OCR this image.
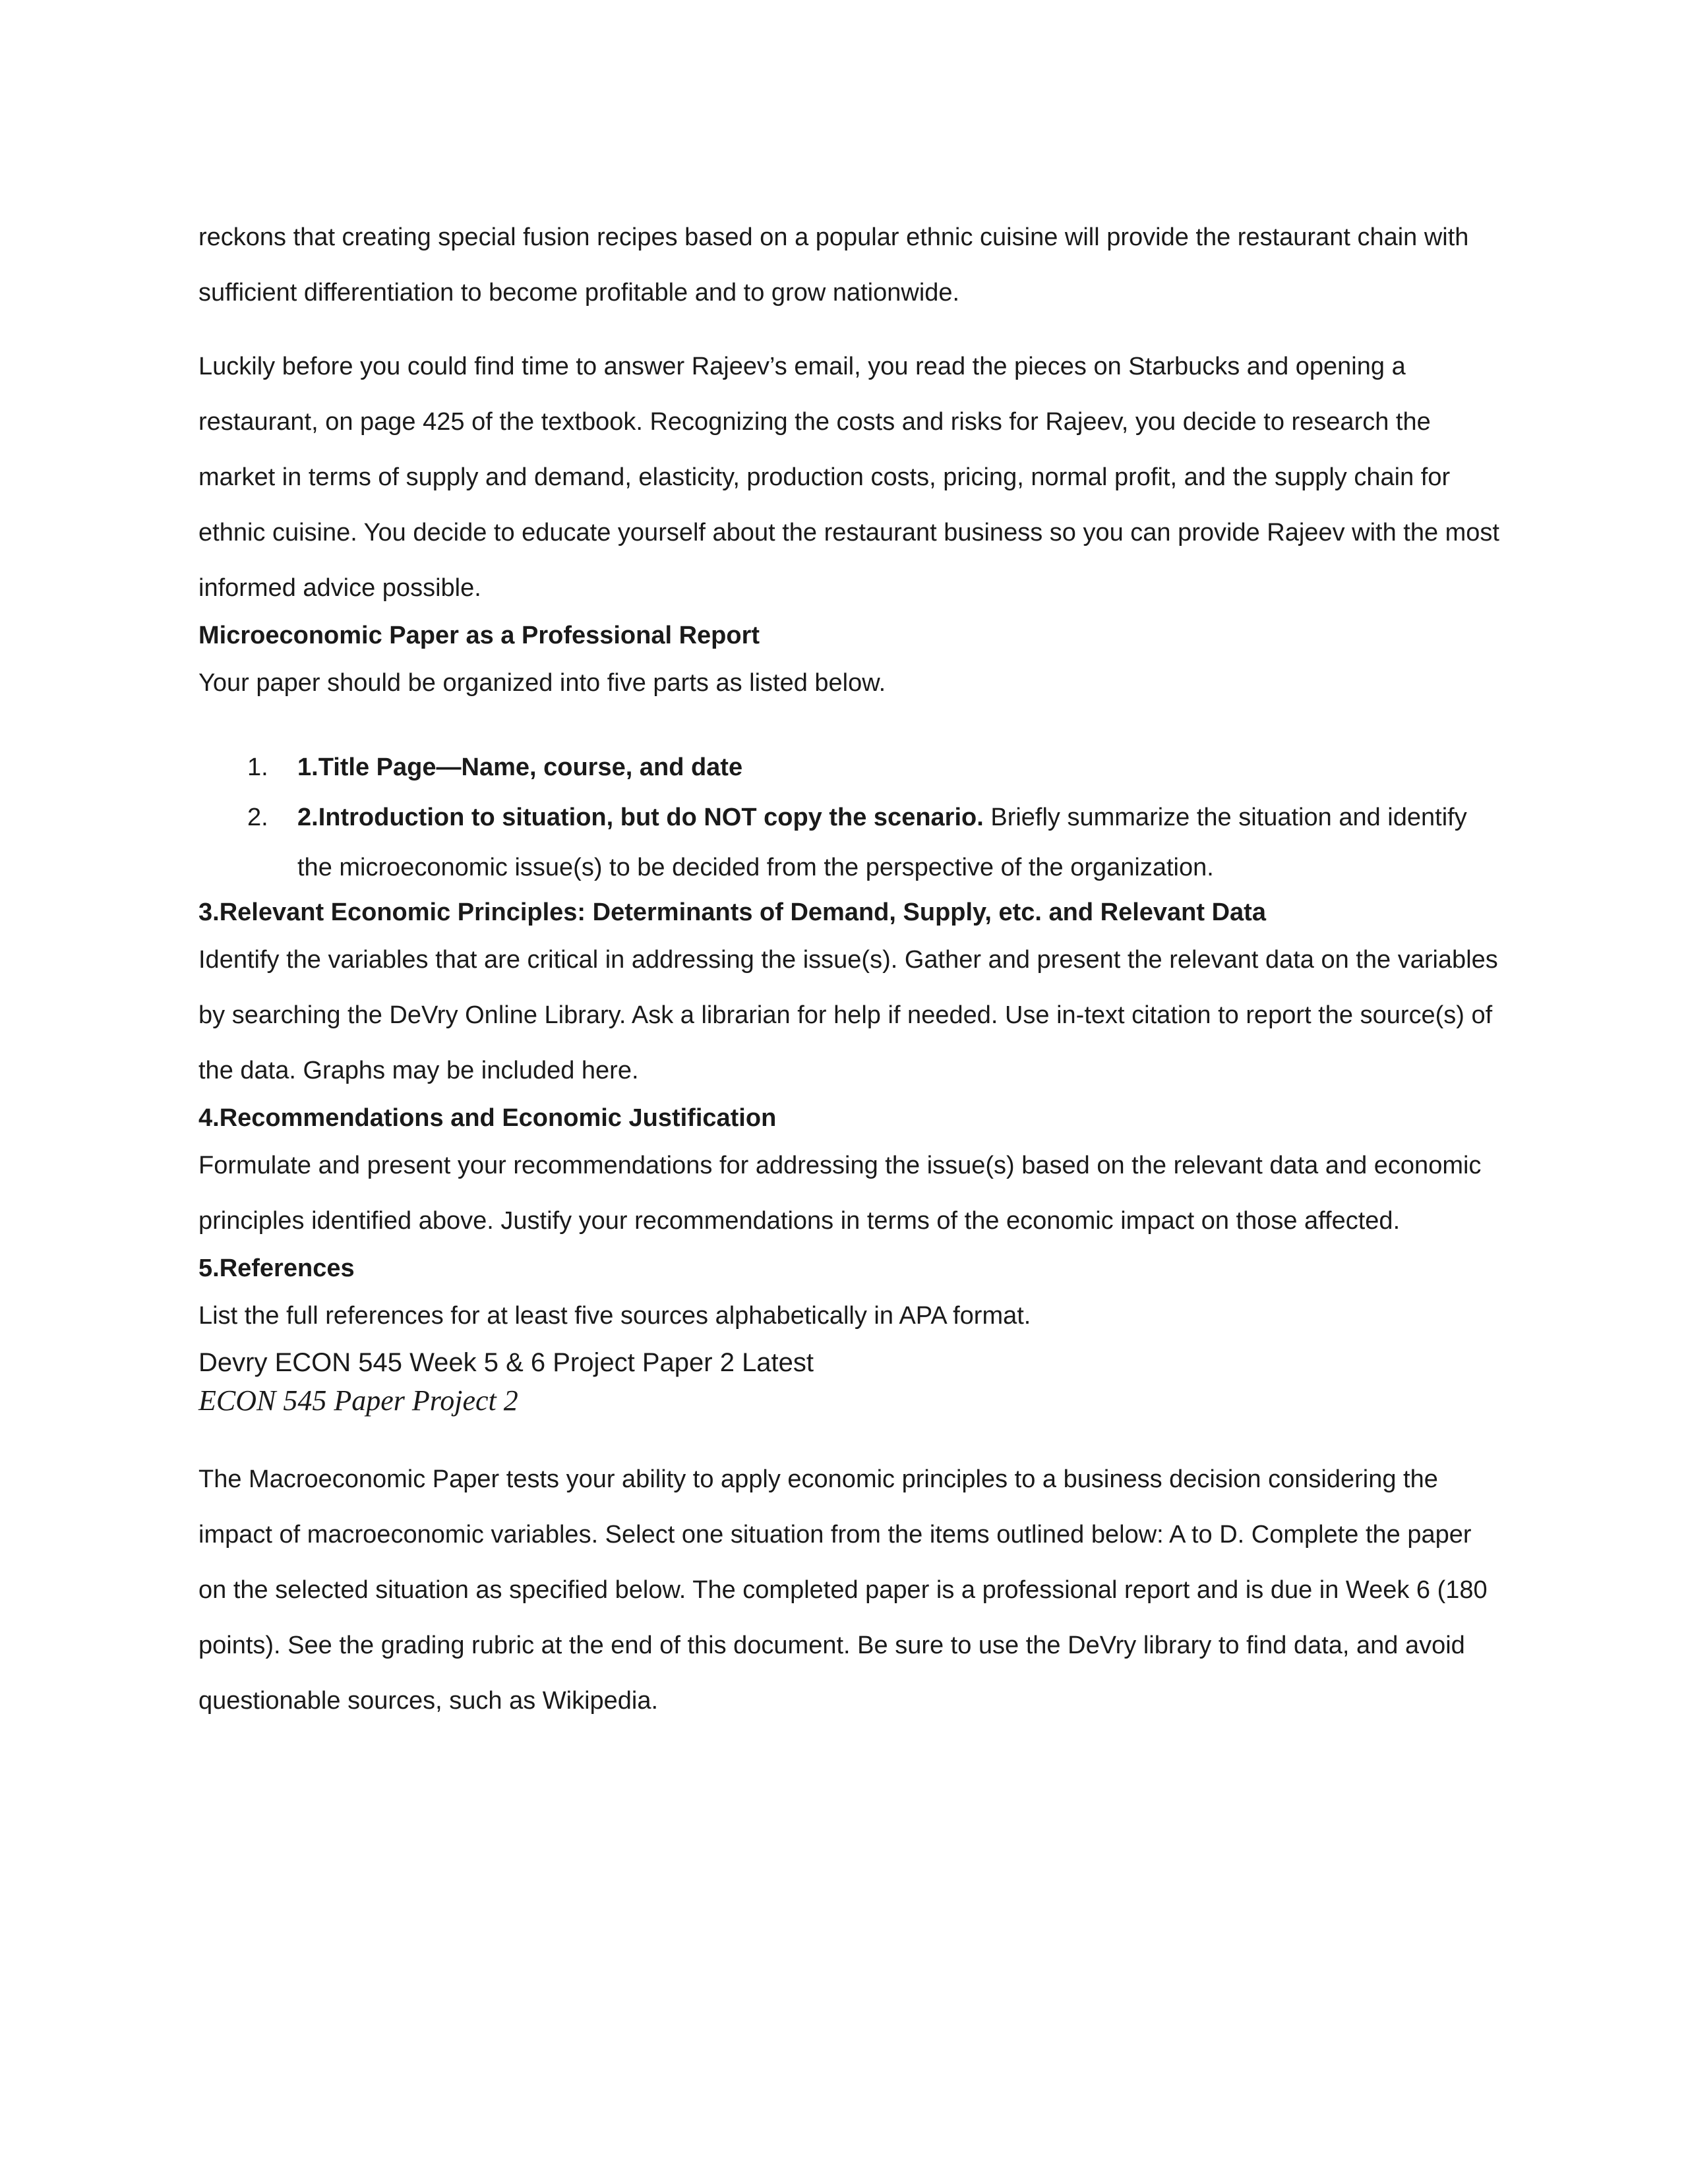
reckons that creating special fusion recipes based on a popular ethnic cuisine will provide the restaurant chain with sufficient differentiation to become profitable and to grow nationwide.

Luckily before you could find time to answer Rajeev’s email, you read the pieces on Starbucks and opening a restaurant, on page 425 of the textbook. Recognizing the costs and risks for Rajeev, you decide to research the market in terms of supply and demand, elasticity, production costs, pricing, normal profit, and the supply chain for ethnic cuisine. You decide to educate yourself about the restaurant business so you can provide Rajeev with the most informed advice possible.

Microeconomic Paper as a Professional Report

Your paper should be organized into five parts as listed below.

1. 1.Title Page—Name, course, and date
2. 2.Introduction to situation, but do NOT copy the scenario. Briefly summarize the situation and identify the microeconomic issue(s) to be decided from the perspective of the organization.

3.Relevant Economic Principles: Determinants of Demand, Supply, etc. and Relevant Data

Identify the variables that are critical in addressing the issue(s). Gather and present the relevant data on the variables by searching the DeVry Online Library. Ask a librarian for help if needed. Use in-text citation to report the source(s) of the data. Graphs may be included here.

4.Recommendations and Economic Justification

Formulate and present your recommendations for addressing the issue(s) based on the relevant data and economic principles identified above. Justify your recommendations in terms of the economic impact on those affected.

5.References

List the full references for at least five sources alphabetically in APA format.

Devry ECON 545 Week 5 & 6 Project Paper 2 Latest

ECON 545 Paper Project 2

The Macroeconomic Paper tests your ability to apply economic principles to a business decision considering the impact of macroeconomic variables. Select one situation from the items outlined below: A to D. Complete the paper on the selected situation as specified below. The completed paper is a professional report and is due in Week 6 (180 points). See the grading rubric at the end of this document. Be sure to use the DeVry library to find data, and avoid questionable sources, such as Wikipedia.
